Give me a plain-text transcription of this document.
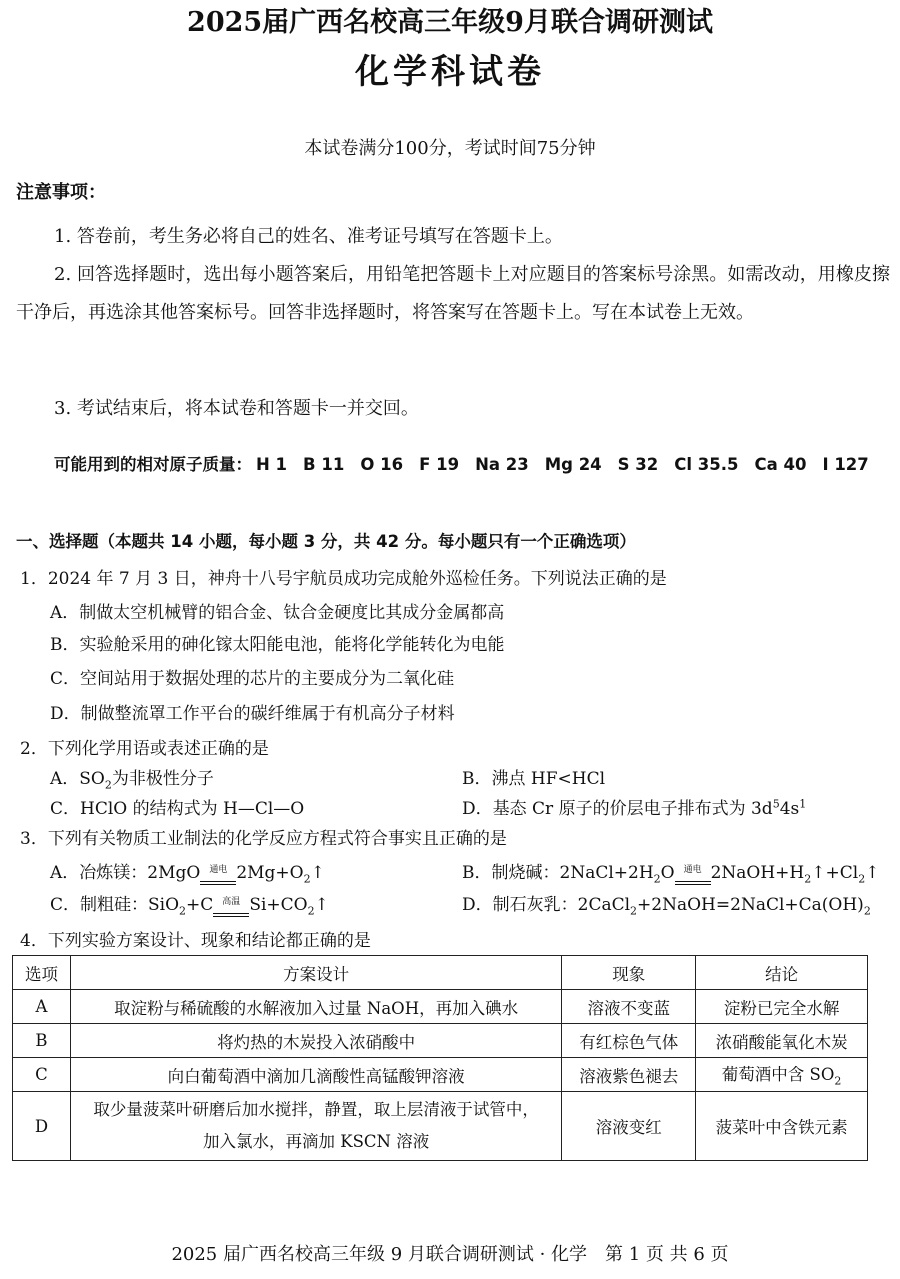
2025届广西名校高三年级9月联合调研测试
化学科试卷
本试卷满分100分，考试时间75分钟
注意事项：
1. 答卷前，考生务必将自己的姓名、准考证号填写在答题卡上。
2. 回答选择题时，选出每小题答案后，用铅笔把答题卡上对应题目的答案标号涂黑。如需改动，用橡皮擦干净后，再选涂其他答案标号。回答非选择题时，将答案写在答题卡上。写在本试卷上无效。
3. 考试结束后，将本试卷和答题卡一并交回。
可能用到的相对原子质量： H 1 B 11 O 16 F 19 Na 23 Mg 24 S 32 Cl 35.5 Ca 40 I 127
一、选择题（本题共 14 小题，每小题 3 分，共 42 分。每小题只有一个正确选项）
1．2024 年 7 月 3 日，神舟十八号宇航员成功完成舱外巡检任务。下列说法正确的是
A．制做太空机械臂的铝合金、钛合金硬度比其成分金属都高
B．实验舱采用的砷化镓太阳能电池，能将化学能转化为电能
C．空间站用于数据处理的芯片的主要成分为二氧化硅
D．制做整流罩工作平台的碳纤维属于有机高分子材料
2．下列化学用语或表述正确的是
A．$SO_2$为非极性分子	B．沸点 HF<HCl
C．HClO 的结构式为 H—Cl—O	D．基态 Cr 原子的价层电子排布式为 $3d^54s^1$
3．下列有关物质工业制法的化学反应方程式符合事实且正确的是
A．冶炼镁：2MgO 通电 $2Mg+O_2↑$	B．制烧碱：$2NaCl+2H_2O$ 通电 $2NaOH+H_2↑+Cl_2↑$
C．制粗硅：SiO$_2$+C 高温 $Si+CO_2↑$	D．制石灰乳：$2CaCl_2+2NaOH=2NaCl+Ca(OH)_2$
4．下列实验方案设计、现象和结论都正确的是
选项	方案设计	现象	结论
A	取淀粉与稀硫酸的水解液加入过量 NaOH，再加入碘水	溶液不变蓝	淀粉已完全水解
B	将灼热的木炭投入浓硝酸中	有红棕色气体	浓硝酸能氧化木炭
C	向白葡萄酒中滴加几滴酸性高锰酸钾溶液	溶液紫色褪去	葡萄酒中含 $SO_2$
D	取少量菠菜叶研磨后加水搅拌，静置，取上层清液于试管中，
加入氯水，再滴加 KSCN 溶液	溶液变红	菠菜叶中含铁元素
2025 届广西名校高三年级 9 月联合调研测试 · 化学　第 1 页 共 6 页
